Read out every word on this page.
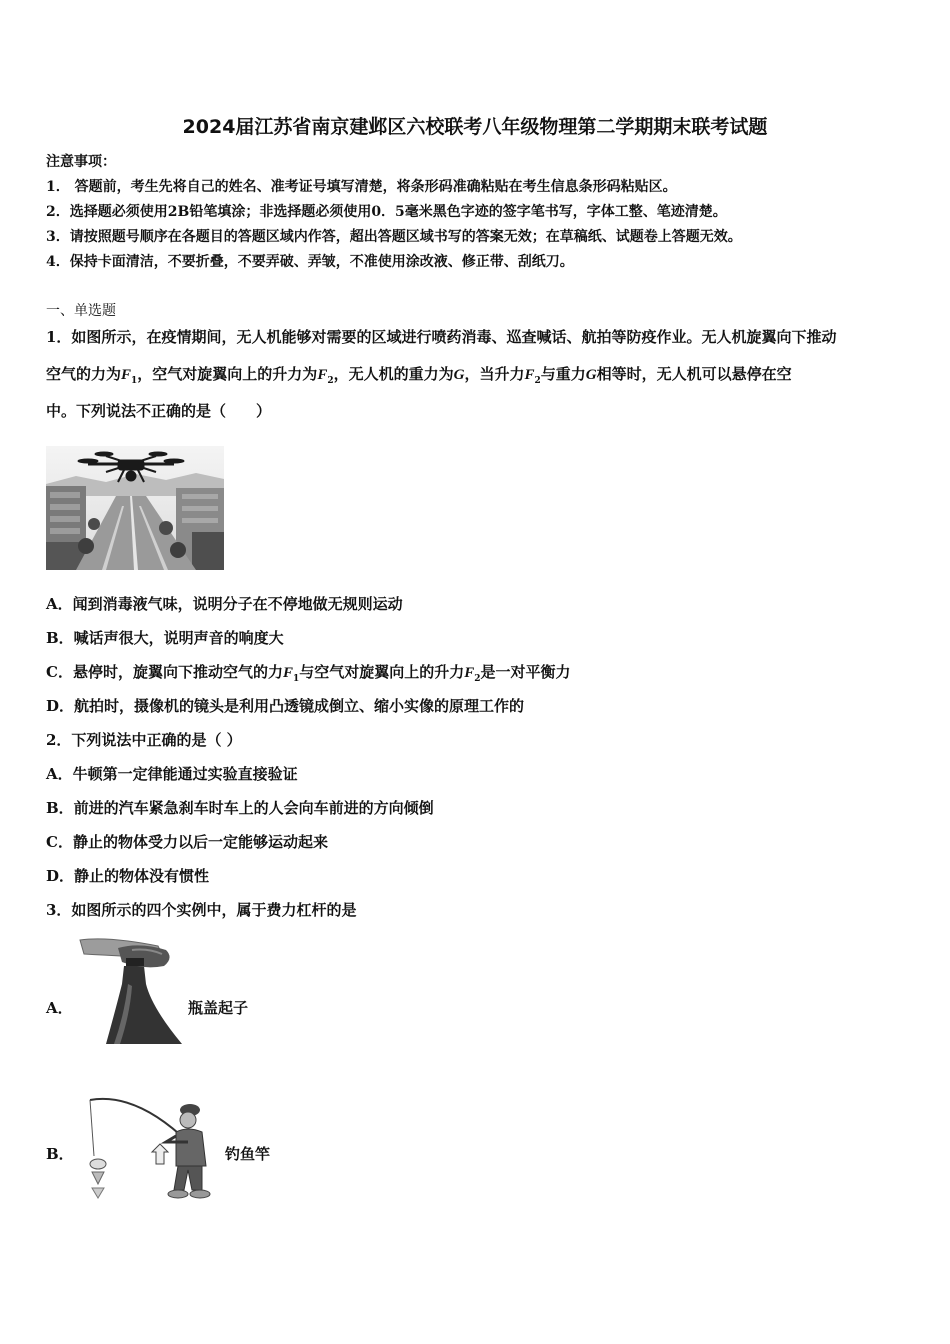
2024届江苏省南京建邺区六校联考八年级物理第二学期期末联考试题
注意事项：
1． 答题前，考生先将自己的姓名、准考证号填写清楚，将条形码准确粘贴在考生信息条形码粘贴区。
2．选择题必须使用2B铅笔填涂；非选择题必须使用0．5毫米黑色字迹的签字笔书写，字体工整、笔迹清楚。
3．请按照题号顺序在各题目的答题区域内作答，超出答题区域书写的答案无效；在草稿纸、试题卷上答题无效。
4．保持卡面清洁，不要折叠，不要弄破、弄皱，不准使用涂改液、修正带、刮纸刀。
一、单选题
1．如图所示，在疫情期间，无人机能够对需要的区域进行喷药消毒、巡查喊话、航拍等防疫作业。无人机旋翼向下推动
空气的力为$F_1$，空气对旋翼向上的升力为$F_2$，无人机的重力为G，当升力$F_2$与重力G相等时，无人机可以悬停在空
中。下列说法不正确的是（　　）
A．闻到消毒液气味，说明分子在不停地做无规则运动
B．喊话声很大，说明声音的响度大
C．悬停时，旋翼向下推动空气的力$F_1$与空气对旋翼向上的升力$F_2$是一对平衡力
D．航拍时，摄像机的镜头是利用凸透镜成倒立、缩小实像的原理工作的
2．下列说法中正确的是（ ）
A．牛顿第一定律能通过实验直接验证
B．前进的汽车紧急刹车时车上的人会向车前进的方向倾倒
C．静止的物体受力以后一定能够运动起来
D．静止的物体没有惯性
3．如图所示的四个实例中，属于费力杠杆的是
A．	瓶盖起子
B．	钓鱼竿
